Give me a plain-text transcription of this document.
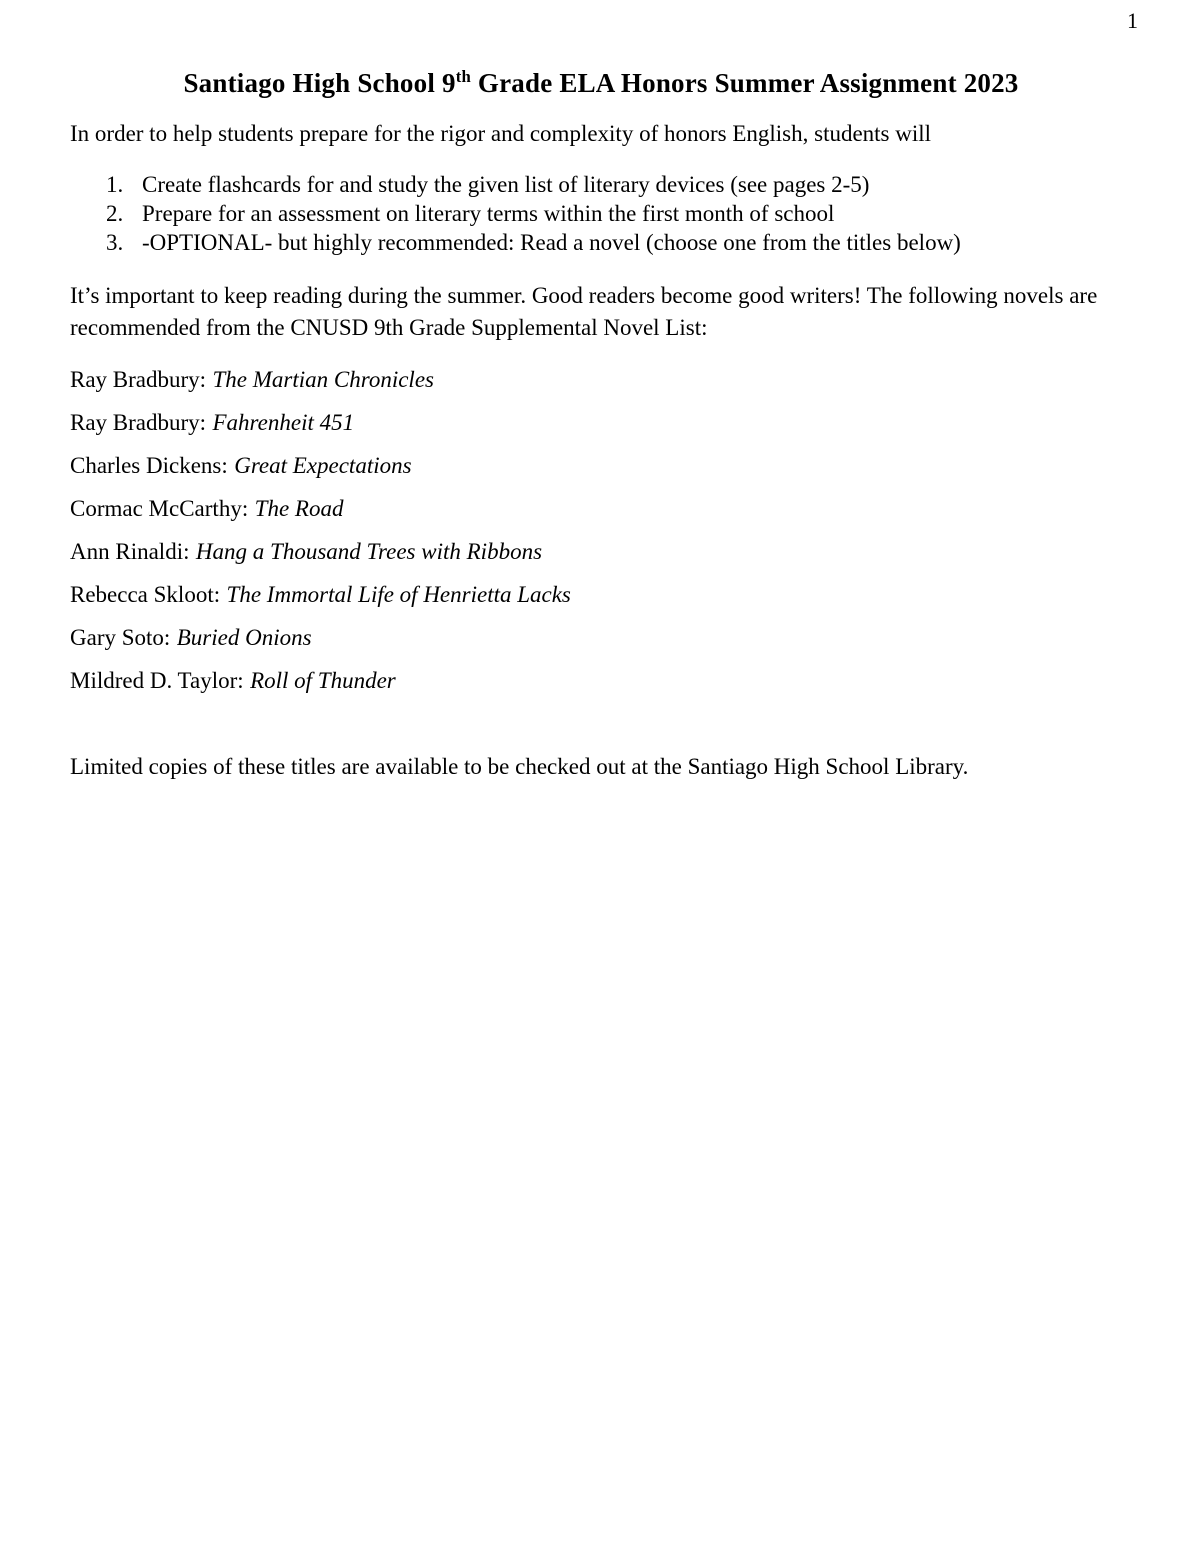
1
Santiago High School 9th Grade ELA Honors Summer Assignment 2023

In order to help students prepare for the rigor and complexity of honors English, students will

1. Create flashcards for and study the given list of literary devices (see pages 2-5)
2. Prepare for an assessment on literary terms within the first month of school
3. -OPTIONAL- but highly recommended: Read a novel (choose one from the titles below)

It’s important to keep reading during the summer. Good readers become good writers! The following novels are recommended from the CNUSD 9th Grade Supplemental Novel List:

Ray Bradbury: The Martian Chronicles

Ray Bradbury: Fahrenheit 451

Charles Dickens: Great Expectations

Cormac McCarthy: The Road

Ann Rinaldi: Hang a Thousand Trees with Ribbons

Rebecca Skloot: The Immortal Life of Henrietta Lacks

Gary Soto: Buried Onions

Mildred D. Taylor: Roll of Thunder

Limited copies of these titles are available to be checked out at the Santiago High School Library.
